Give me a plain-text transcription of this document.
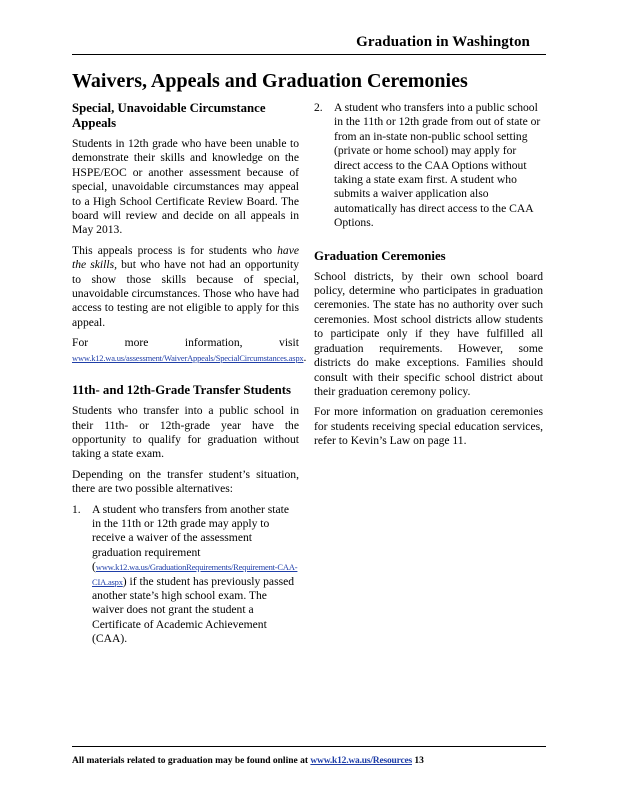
Graduation in Washington
Waivers, Appeals and Graduation Ceremonies
Special, Unavoidable Circumstance Appeals

Students in 12th grade who have been unable to demonstrate their skills and knowledge on the HSPE/EOC or another assessment because of special, unavoidable circumstances may appeal to a High School Certificate Review Board. The board will review and decide on all appeals in May 2013.

This appeals process is for students who have the skills, but who have not had an opportunity to show those skills because of special, unavoidable circumstances. Those who have had access to testing are not eligible to apply for this appeal.

For more information, visit www.k12.wa.us/assessment/WaiverAppeals/SpecialCircumstances.aspx.

11th- and 12th-Grade Transfer Students

Students who transfer into a public school in their 11th- or 12th-grade year have the opportunity to qualify for graduation without taking a state exam.

Depending on the transfer student’s situation, there are two possible alternatives:

1. A student who transfers from another state in the 11th or 12th grade may apply to receive a waiver of the assessment graduation requirement (www.k12.wa.us/GraduationRequirements/Requirement-CAA-CIA.aspx) if the student has previously passed another state’s high school exam. The waiver does not grant the student a Certificate of Academic Achievement (CAA).
2. A student who transfers into a public school in the 11th or 12th grade from out of state or from an in-state non-public school setting (private or home school) may apply for direct access to the CAA Options without taking a state exam first. A student who submits a waiver application also automatically has direct access to the CAA Options.
Graduation Ceremonies

School districts, by their own school board policy, determine who participates in graduation ceremonies. The state has no authority over such ceremonies. Most school districts allow students to participate only if they have fulfilled all graduation requirements. However, some districts do make exceptions. Families should consult with their specific school district about their graduation ceremony policy.

For more information on graduation ceremonies for students receiving special education services, refer to Kevin’s Law on page 11.

All materials related to graduation may be found online at www.k12.wa.us/Resources 13
